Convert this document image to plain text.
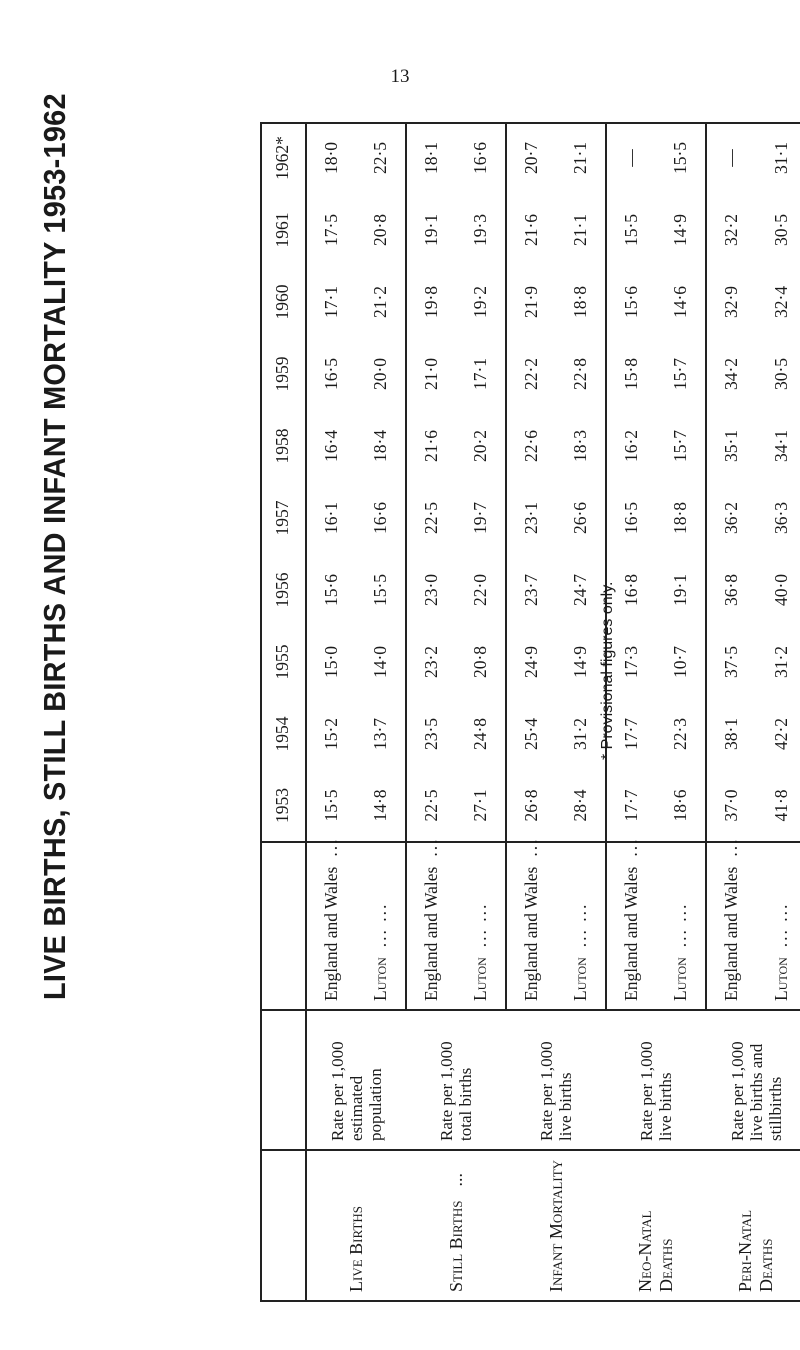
13
LIVE BIRTHS, STILL BIRTHS AND INFANT MORTALITY 1953-1962
				1953	1954	1955	1956	1957	1958	1959	1960	1961	1962*
Live Births	Rate per 1,000 estimated population	England and Wales...	15·5	15·2	15·0	15·6	16·1	16·4	16·5	17·1	17·5	18·0
		Luton... ...	14·8	13·7	14·0	15·5	16·6	18·4	20·0	21·2	20·8	22·5
Still Births...	Rate per 1,000 total births	England and Wales...	22·5	23·5	23·2	23·0	22·5	21·6	21·0	19·8	19·1	18·1
		Luton... ...	27·1	24·8	20·8	22·0	19·7	20·2	17·1	19·2	19·3	16·6
Infant Mortality	Rate per 1,000 live births	England and Wales...	26·8	25·4	24·9	23·7	23·1	22·6	22·2	21·9	21·6	20·7
		Luton... ...	28·4	31·2	14·9	24·7	26·6	18·3	22·8	18·8	21·1	21·1
Neo-Natal Deaths	Rate per 1,000 live births	England and Wales...	17·7	17·7	17·3	16·8	16·5	16·2	15·8	15·6	15·5	—
		Luton... ...	18·6	22·3	10·7	19·1	18·8	15·7	15·7	14·6	14·9	15·5
Peri-Natal Deaths	Rate per 1,000 live births and stillbirths	England and Wales...	37·0	38·1	37·5	36·8	36·2	35·1	34·2	32·9	32·2	—
		Luton... ...	41·8	42·2	31·2	40·0	36·3	34·1	30·5	32·4	30·5	31·1

* Provisional figures only.
